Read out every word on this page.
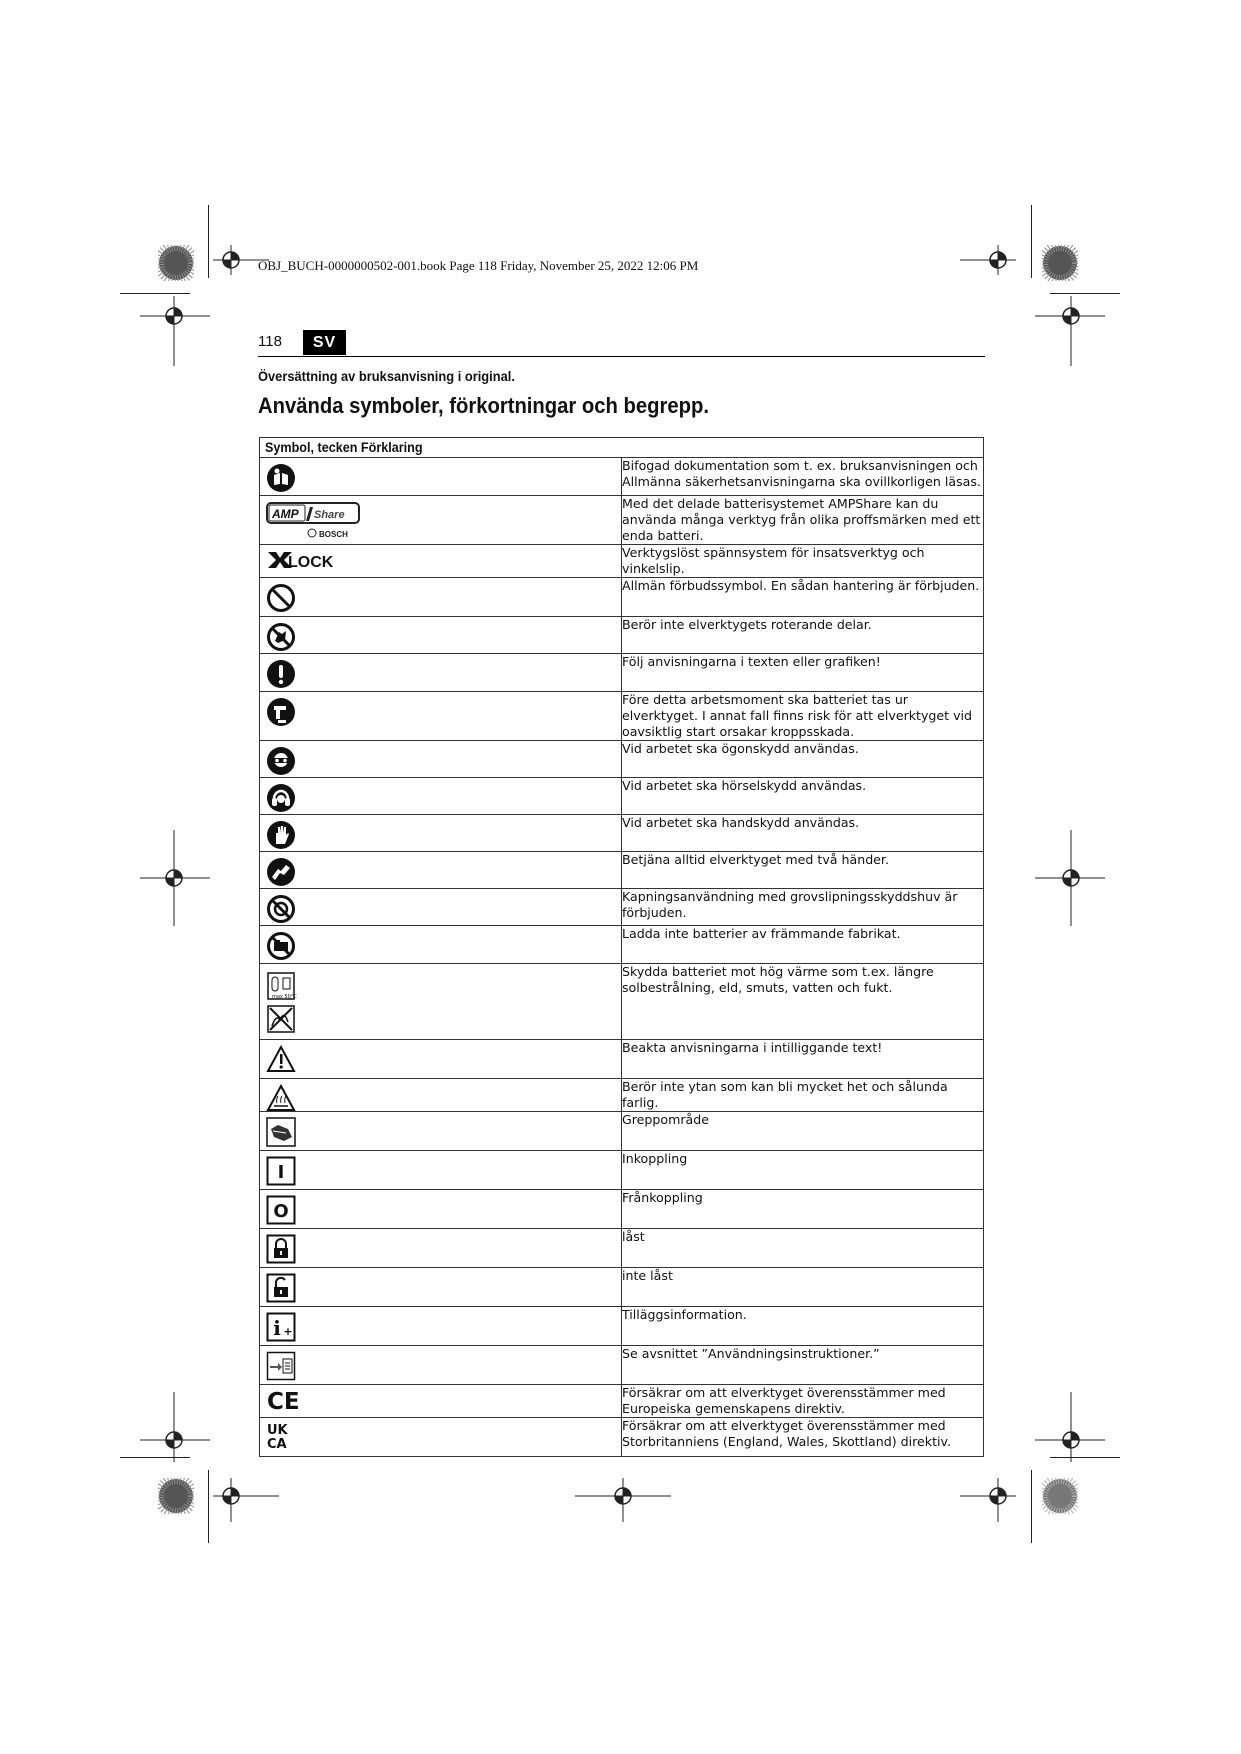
OBJ_BUCH-0000000502-001.book Page 118 Friday, November 25, 2022 12:06 PM
118	SV
Översättning av bruksanvisning i original.
Använda symboler, förkortningar och begrepp.
Symbol, tecken Förklaring	

	Bifogad dokumentation som t. ex. bruksanvisningen och Allmänna säkerhetsanvisningarna ska ovillkorligen läsas.

AMP Share
BOSCH	Med det delade batterisystemet AMPShare kan du använda många verktyg från olika proffsmärken med ett enda batteri.

LOCK	Verktygslöst spännsystem för insatsverktyg och vinkelslip.

	Allmän förbudssymbol. En sådan hantering är förbjuden.

	Berör inte elverktygets roterande delar.

	Följ anvisningarna i texten eller grafiken!

	Före detta arbetsmoment ska batteriet tas ur elverktyget. I annat fall finns risk för att elverktyget vid oavsiktlig start orsakar kroppsskada.

	Vid arbetet ska ögonskydd användas.

	Vid arbetet ska hörselskydd användas.

	Vid arbetet ska handskydd användas.

	Betjäna alltid elverktyget med två händer.

	Kapningsanvändning med grovslipningsskyddshuv är förbjuden.

	Ladda inte batterier av främmande fabrikat.

max 50°C	Skydda batteriet mot hög värme som t.ex. längre solbestrålning, eld, smuts, vatten och fukt.

	Beakta anvisningarna i intilliggande text!

	Berör inte ytan som kan bli mycket het och sålunda farlig.

	Greppområde

I	Inkoppling

O	Frånkoppling

	låst

	inte låst

i +	Tilläggsinformation.

	Se avsnittet ”Användningsinstruktioner.”

CE	Försäkrar om att elverktyget överensstämmer med Europeiska gemenskapens direktiv.

UK
CA	Försäkrar om att elverktyget överensstämmer med Storbritanniens (England, Wales, Skottland) direktiv.
